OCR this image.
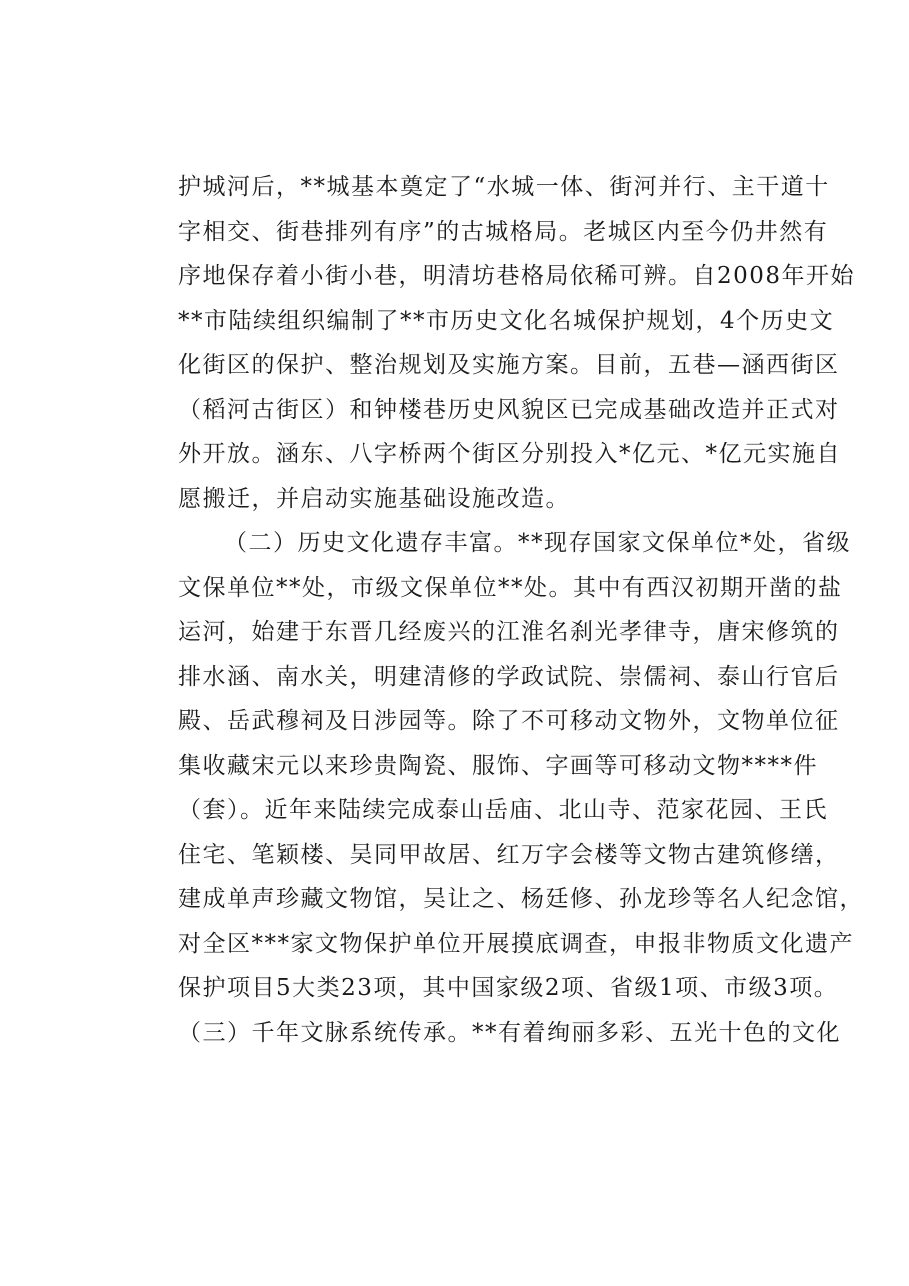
护城河后，**城基本奠定了“水城一体、街河并行、主干道十
字相交、街巷排列有序”的古城格局。老城区内至今仍井然有
序地保存着小街小巷，明清坊巷格局依稀可辨。自2008年开始
**市陆续组织编制了**市历史文化名城保护规划，4个历史文
化街区的保护、整治规划及实施方案。目前，五巷—涵西街区
（稻河古街区）和钟楼巷历史风貌区已完成基础改造并正式对
外开放。涵东、八字桥两个街区分别投入*亿元、*亿元实施自
愿搬迁，并启动实施基础设施改造。
（二）历史文化遗存丰富。**现存国家文保单位*处，省级
文保单位**处，市级文保单位**处。其中有西汉初期开凿的盐
运河，始建于东晋几经废兴的江淮名刹光孝律寺，唐宋修筑的
排水涵、南水关，明建清修的学政试院、崇儒祠、泰山行官后
殿、岳武穆祠及日涉园等。除了不可移动文物外，文物单位征
集收藏宋元以来珍贵陶瓷、服饰、字画等可移动文物****件
（套）。近年来陆续完成泰山岳庙、北山寺、范家花园、王氏
住宅、笔颖楼、吴同甲故居、红万字会楼等文物古建筑修缮，
建成单声珍藏文物馆，吴让之、杨廷修、孙龙珍等名人纪念馆，
对全区***家文物保护单位开展摸底调查，申报非物质文化遗产
保护项目5大类23项，其中国家级2项、省级1项、市级3项。
（三）千年文脉系统传承。**有着绚丽多彩、五光十色的文化
